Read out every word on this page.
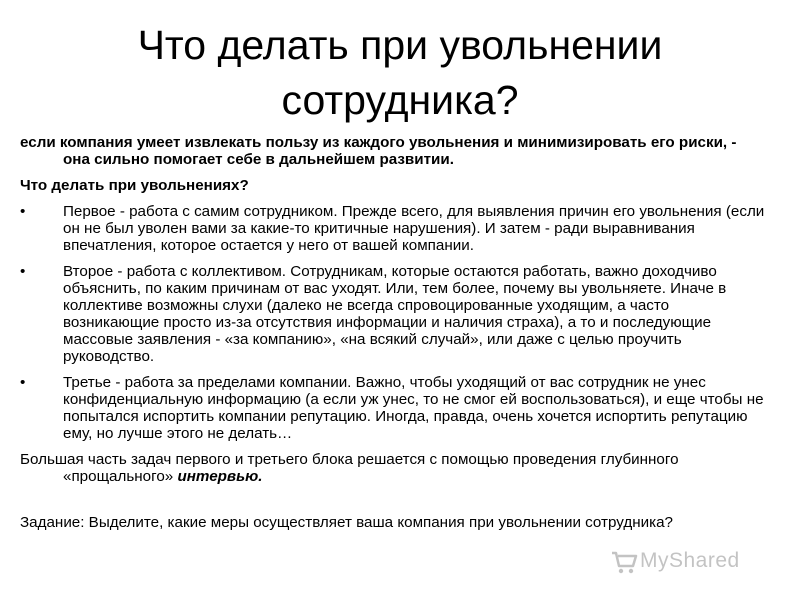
Что делать при увольнении
сотрудника?

если компания умеет извлекать пользу из каждого увольнения и минимизировать его риски, - она сильно помогает себе в дальнейшем развитии.

Что делать при увольнениях?

• Первое - работа с самим сотрудником. Прежде всего, для выявления причин его увольнения (если он не был уволен вами за какие-то критичные нарушения). И затем - ради выравнивания впечатления, которое остается у него от вашей компании.
• Второе - работа с коллективом. Сотрудникам, которые остаются работать, важно доходчиво объяснить, по каким причинам от вас уходят. Или, тем более, почему вы увольняете. Иначе в коллективе возможны слухи (далеко не всегда спровоцированные уходящим, а часто возникающие просто из-за отсутствия информации и наличия страха), а то и последующие массовые заявления - «за компанию», «на всякий случай», или даже с целью проучить руководство.
• Третье - работа за пределами компании. Важно, чтобы уходящий от вас сотрудник не унес конфиденциальную информацию (а если уж унес, то не смог ей воспользоваться), и еще чтобы не попытался испортить компании репутацию. Иногда, правда, очень хочется испортить репутацию ему, но лучше этого не делать…

Большая часть задач первого и третьего блока решается с помощью проведения глубинного «прощального» интервью.

Задание: Выделите, какие меры осуществляет ваша компания при увольнении сотрудника?

MyShared
